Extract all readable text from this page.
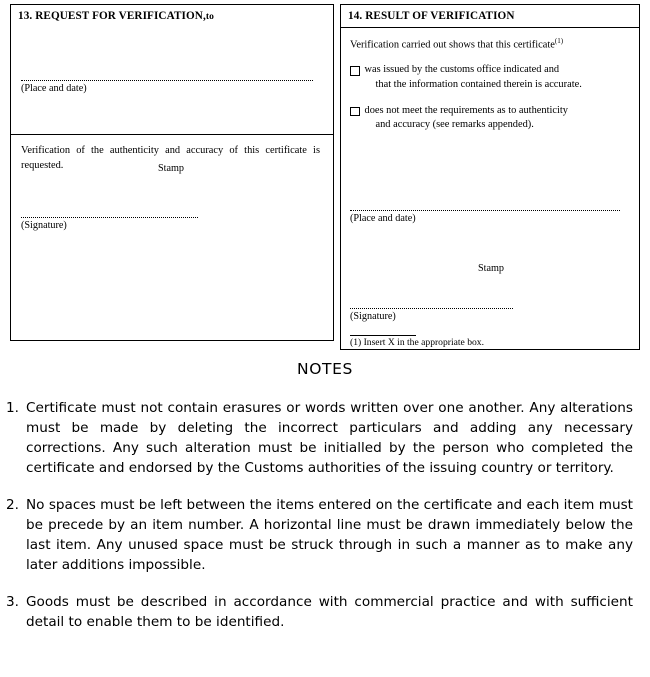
13. REQUEST FOR VERIFICATION,to

Verification of the authenticity and accuracy of this certificate is requested.

(Place and date)
Stamp
(Signature)
14. RESULT OF VERIFICATION

Verification carried out shows that this certificate$^{(1)}$

was issued by the customs office indicated and
that the information contained therein is accurate.
does not meet the requirements as to authenticity
and accuracy (see remarks appended).
(Place and date)
Stamp
(Signature)
(1) Insert X in the appropriate box.
NOTES
1. Certificate must not contain erasures or words written over one another. Any alterations must be made by deleting the incorrect particulars and adding any necessary corrections. Any such alteration must be initialled by the person who completed the certificate and endorsed by the Customs authorities of the issuing country or territory.
2. No spaces must be left between the items entered on the certificate and each item must be precede by an item number. A horizontal line must be drawn immediately below the last item. Any unused space must be struck through in such a manner as to make any later additions impossible.
3. Goods must be described in accordance with commercial practice and with sufficient detail to enable them to be identified.
